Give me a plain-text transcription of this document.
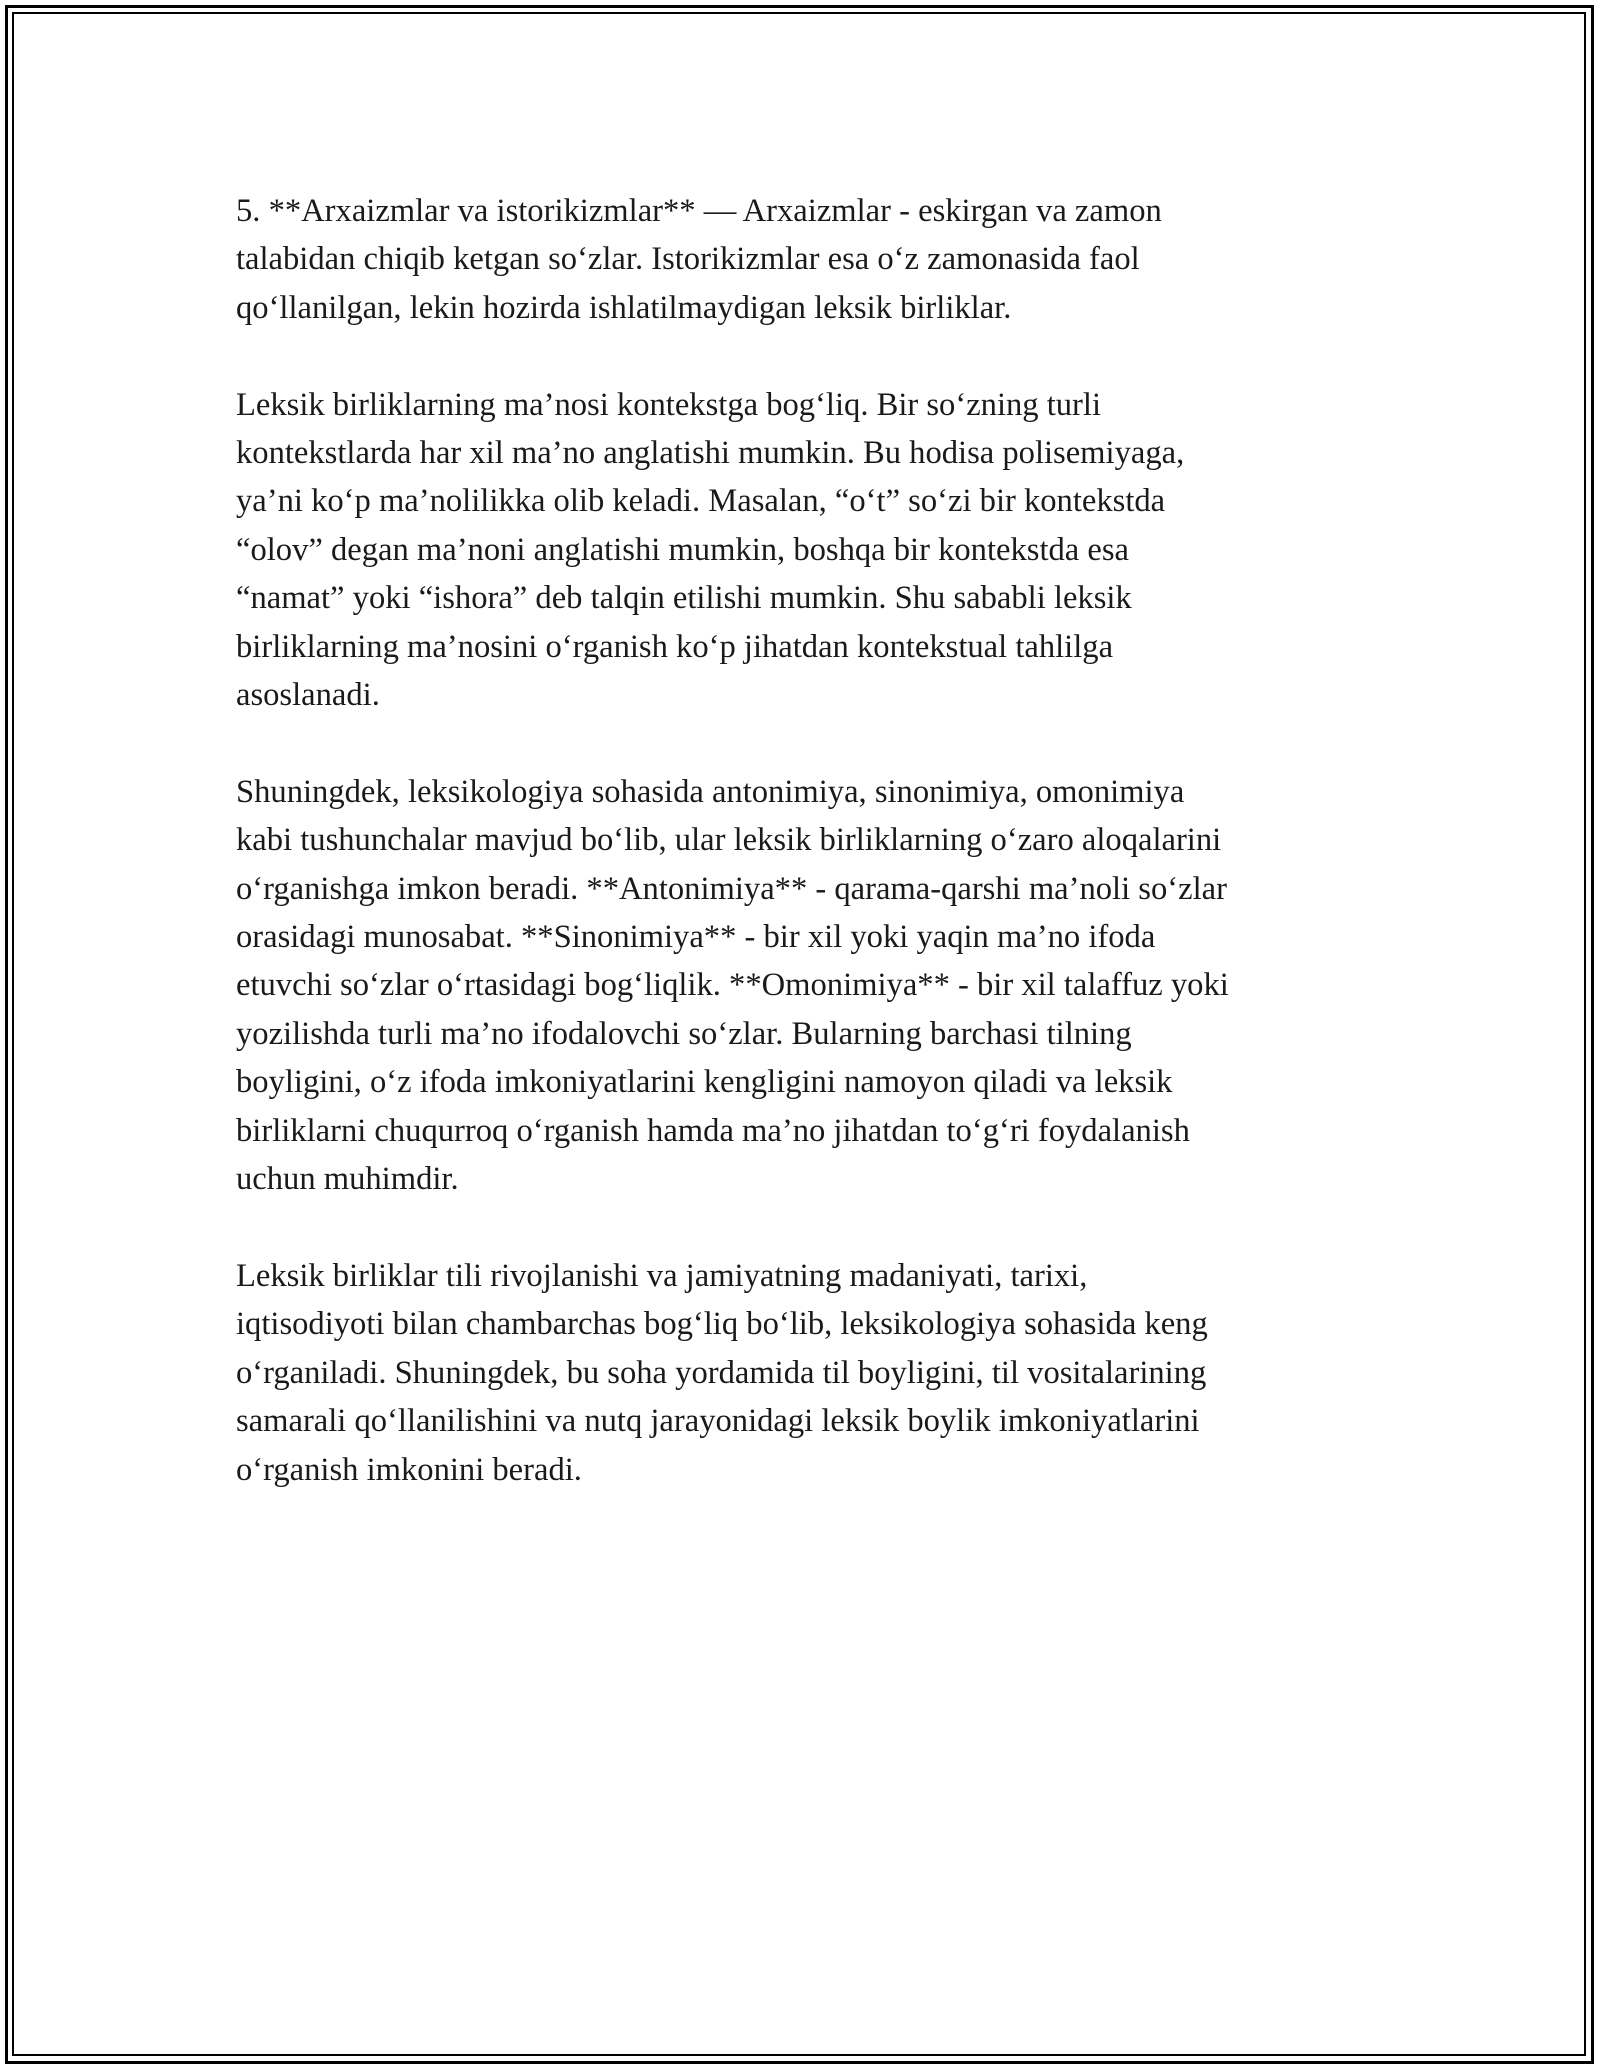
5. **Arxaizmlar va istorikizmlar** — Arxaizmlar - eskirgan va zamon
talabidan chiqib ketgan so‘zlar. Istorikizmlar esa o‘z zamonasida faol
qo‘llanilgan, lekin hozirda ishlatilmaydigan leksik birliklar.

Leksik birliklarning ma’nosi kontekstga bog‘liq. Bir so‘zning turli
kontekstlarda har xil ma’no anglatishi mumkin. Bu hodisa polisemiyaga,
ya’ni ko‘p ma’nolilikka olib keladi. Masalan, “o‘t” so‘zi bir kontekstda
“olov” degan ma’noni anglatishi mumkin, boshqa bir kontekstda esa
“namat” yoki “ishora” deb talqin etilishi mumkin. Shu sababli leksik
birliklarning ma’nosini o‘rganish ko‘p jihatdan kontekstual tahlilga
asoslanadi.

Shuningdek, leksikologiya sohasida antonimiya, sinonimiya, omonimiya
kabi tushunchalar mavjud bo‘lib, ular leksik birliklarning o‘zaro aloqalarini
o‘rganishga imkon beradi. **Antonimiya** - qarama-qarshi ma’noli so‘zlar
orasidagi munosabat. **Sinonimiya** - bir xil yoki yaqin ma’no ifoda
etuvchi so‘zlar o‘rtasidagi bog‘liqlik. **Omonimiya** - bir xil talaffuz yoki
yozilishda turli ma’no ifodalovchi so‘zlar. Bularning barchasi tilning
boyligini, o‘z ifoda imkoniyatlarini kengligini namoyon qiladi va leksik
birliklarni chuqurroq o‘rganish hamda ma’no jihatdan to‘g‘ri foydalanish
uchun muhimdir.

Leksik birliklar tili rivojlanishi va jamiyatning madaniyati, tarixi,
iqtisodiyoti bilan chambarchas bog‘liq bo‘lib, leksikologiya sohasida keng
o‘rganiladi. Shuningdek, bu soha yordamida til boyligini, til vositalarining
samarali qo‘llanilishini va nutq jarayonidagi leksik boylik imkoniyatlarini
o‘rganish imkonini beradi.
